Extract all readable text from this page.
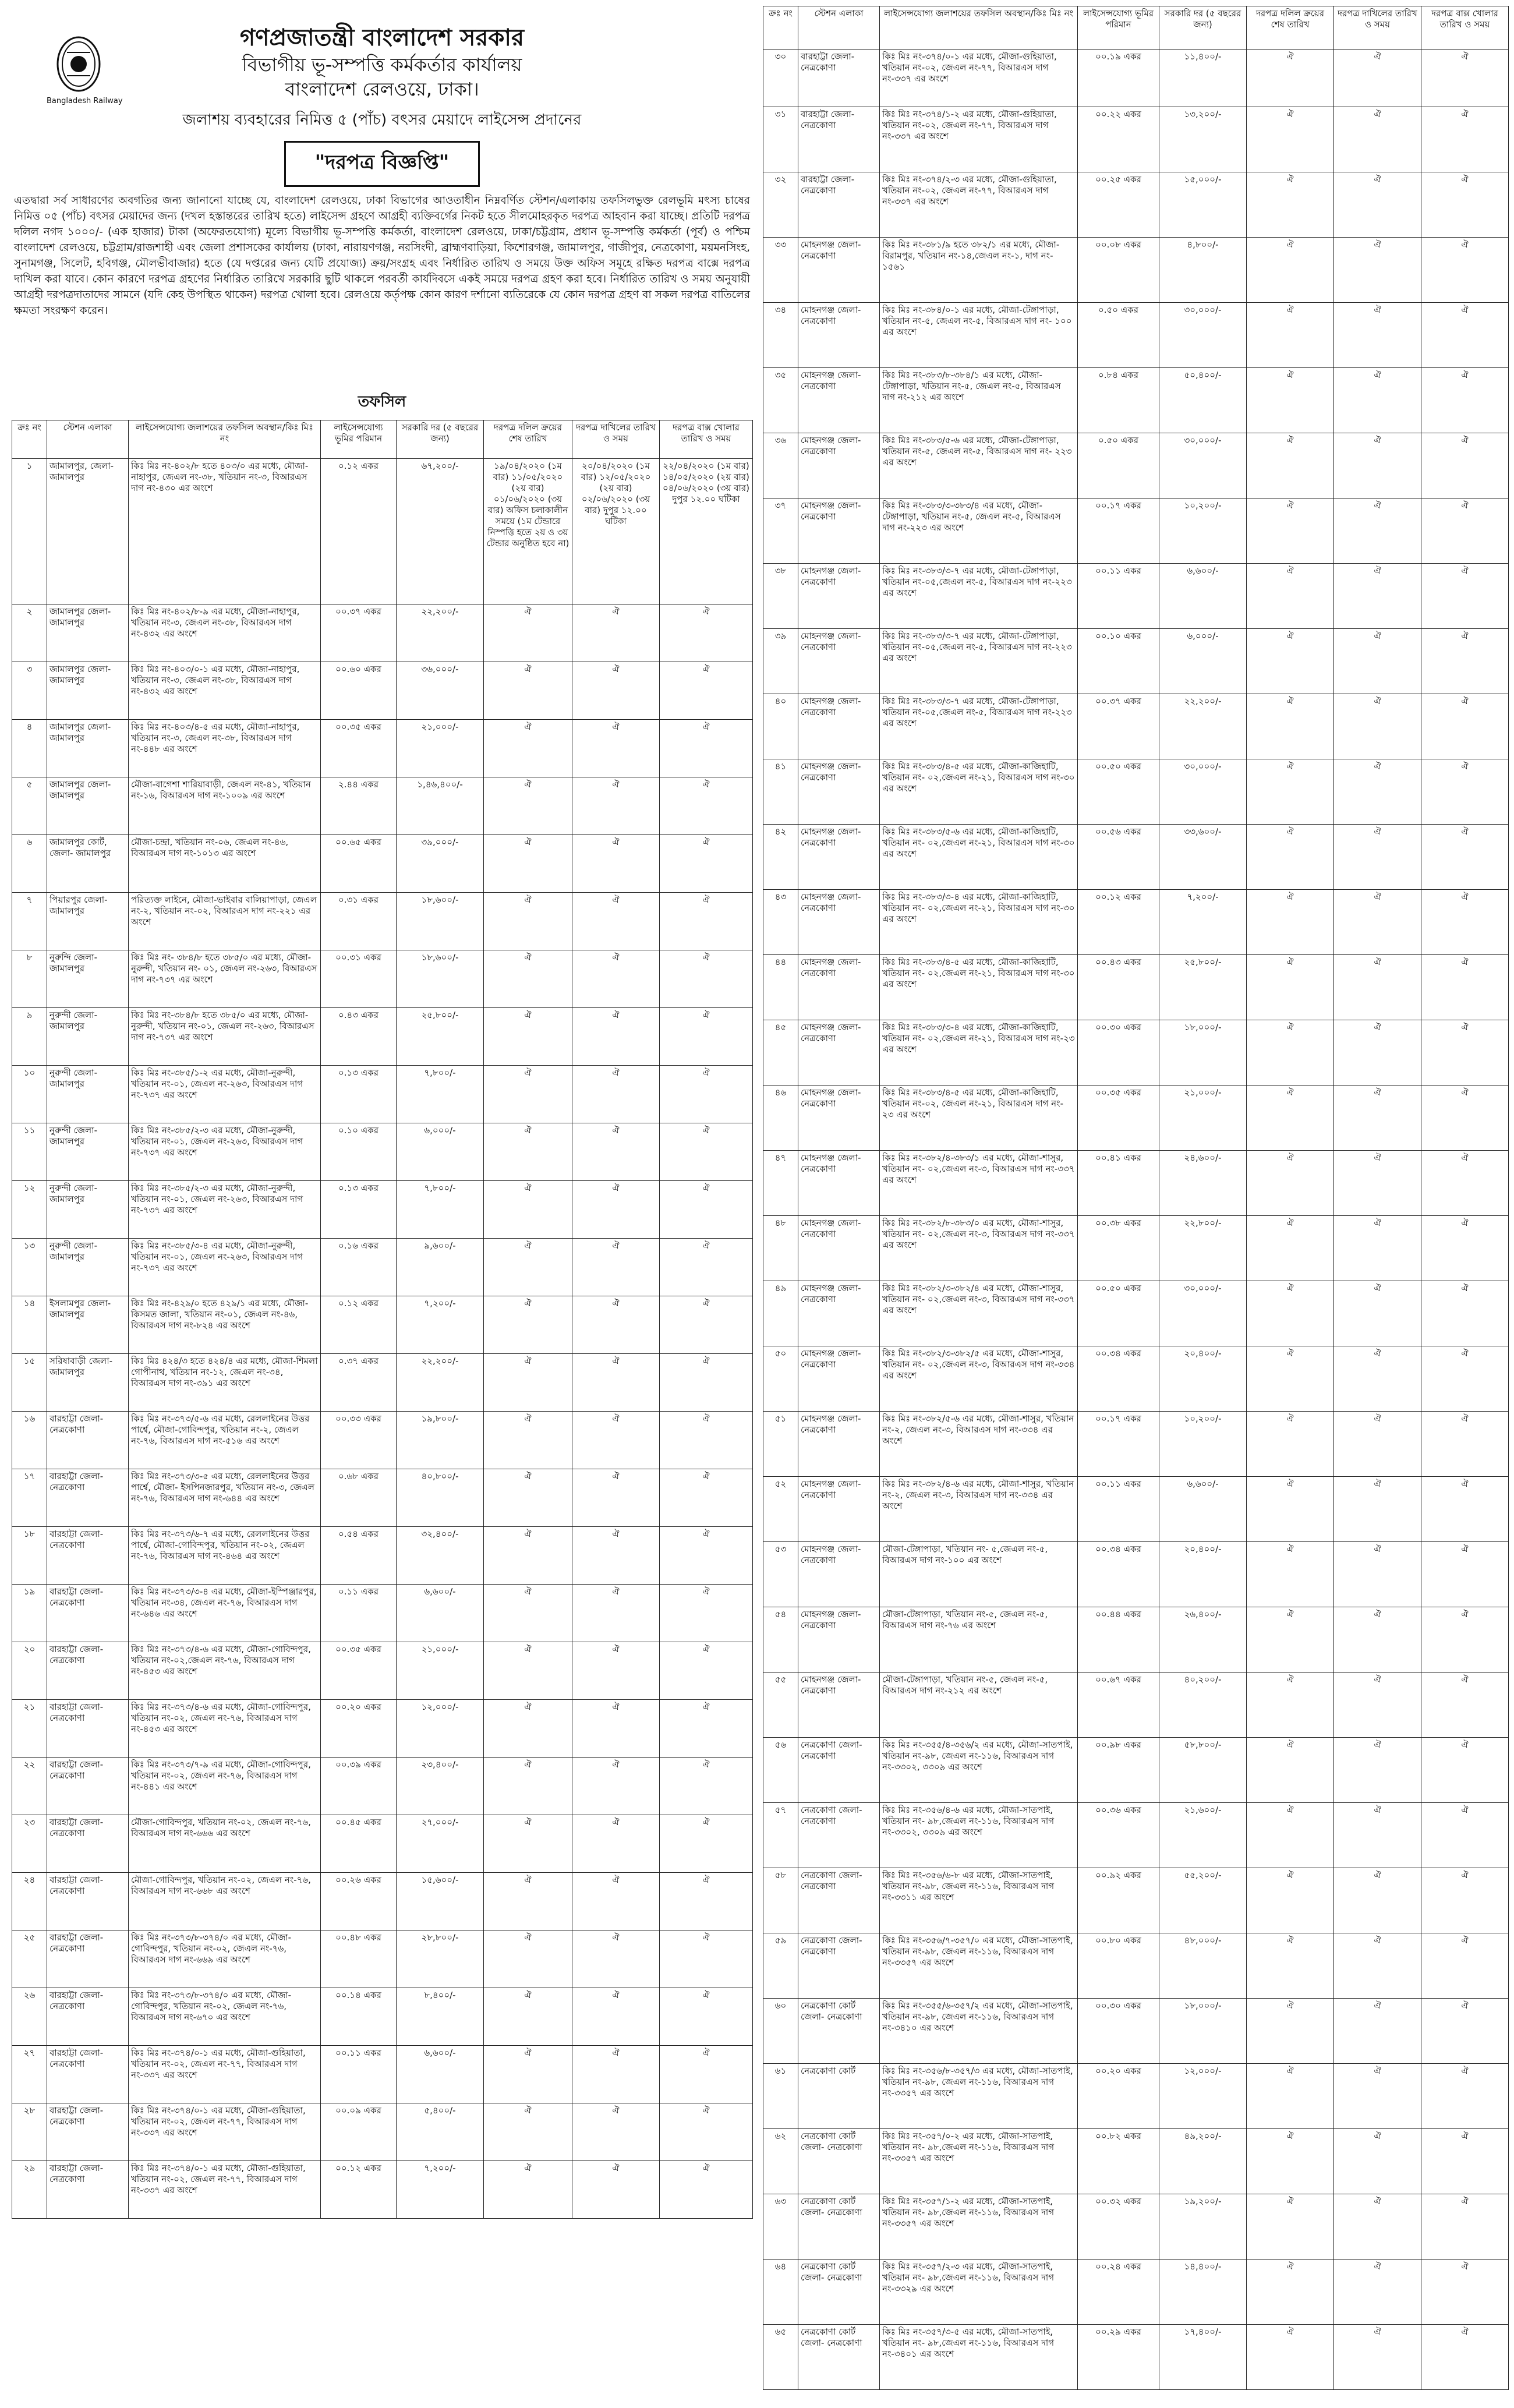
Bangladesh Railway
গণপ্রজাতন্ত্রী বাংলাদেশ সরকার
বিভাগীয় ভূ-সম্পত্তি কর্মকর্তার কার্যালয়
বাংলাদেশ রেলওয়ে, ঢাকা।
জলাশয় ব্যবহারের নিমিত্ত ৫ (পাঁচ) বৎসর মেয়াদে লাইসেন্স প্রদানের
"দরপত্র বিজ্ঞপ্তি"
এতদ্বারা সর্ব সাধারণের অবগতির জন্য জানানো যাচ্ছে যে, বাংলাদেশ রেলওয়ে, ঢাকা বিভাগের আওতাধীন নিম্নবর্ণিত স্টেশন/এলাকায় তফসিলভুক্ত রেলভূমি মৎস্য চাষের নিমিত্ত ০৫ (পাঁচ) বৎসর মেয়াদের জন্য (দখল হস্তান্তরের তারিখ হতে) লাইসেন্স গ্রহণে আগ্রহী ব্যক্তিবর্গের নিকট হতে সীলমোহরকৃত দরপত্র আহবান করা যাচ্ছে। প্রতিটি দরপত্র দলিল নগদ ১০০০/- (এক হাজার) টাকা (অফেরতযোগ্য) মূল্যে বিভাগীয় ভূ-সম্পত্তি কর্মকর্তা, বাংলাদেশ রেলওয়ে, ঢাকা/চট্টগ্রাম, প্রধান ভূ-সম্পত্তি কর্মকর্তা (পূর্ব) ও পশ্চিম বাংলাদেশ রেলওয়ে, চট্টগ্রাম/রাজশাহী এবং জেলা প্রশাসকের কার্যালয় (ঢাকা, নারায়ণগঞ্জ, নরসিংদী, ব্রাহ্মণবাড়িয়া, কিশোরগঞ্জ, জামালপুর, গাজীপুর, নেত্রকোণা, ময়মনসিংহ, সুনামগঞ্জ, সিলেট, হবিগঞ্জ, মৌলভীবাজার) হতে (যে দপ্তরের জন্য যেটি প্রযোজ্য) ক্রয়/সংগ্রহ এবং নির্ধারিত তারিখ ও সময়ে উক্ত অফিস সমূহে রক্ষিত দরপত্র বাক্সে দরপত্র দাখিল করা যাবে। কোন কারণে দরপত্র গ্রহণের নির্ধারিত তারিখে সরকারি ছুটি থাকলে পরবর্তী কার্যদিবসে একই সময়ে দরপত্র গ্রহণ করা হবে। নির্ধারিত তারিখ ও সময় অনুযায়ী আগ্রহী দরপত্রদাতাদের সামনে (যদি কেহ উপস্থিত থাকেন) দরপত্র খোলা হবে। রেলওয়ে কর্তৃপক্ষ কোন কারণ দর্শানো ব্যতিরেকে যে কোন দরপত্র গ্রহণ বা সকল দরপত্র বাতিলের ক্ষমতা সংরক্ষণ করেন।
তফসিল
ক্রঃ নং	স্টেশন এলাকা	লাইসেন্সযোগ্য জলাশয়ের তফসিল অবস্থান/কিঃ মিঃ নং	লাইসেন্সযোগ্য ভূমির পরিমান	সরকারি দর (৫ বছরের জন্য)	দরপত্র দলিল ক্রয়ের শেষ তারিখ	দরপত্র দাখিলের তারিখ ও সময়	দরপত্র বাক্স খোলার তারিখ ও সময়
১	জামালপুর, জেলা- জামালপুর	কিঃ মিঃ নং-৪০২/৮ হতে ৪০৩/০ এর মধ্যে, মৌজা-নাহাপুর, জেএল নং-৩৮, খতিয়ান নং-৩, বিআরএস দাগ নং-৪৩০ এর অংশে	০.১২ একর	৬৭,২০০/-	১৯/০৪/২০২০ (১ম বার) ১১/০৫/২০২০ (২য় বার) ০১/০৬/২০২০ (৩য় বার) অফিস চলাকালীন সময়ে (১ম টেন্ডারে নিস্পত্তি হতে ২য় ও ৩য় টেন্ডার অনুষ্ঠিত হবে না)	২০/০৪/২০২০ (১ম বার) ১২/০৫/২০২০ (২য় বার) ০২/০৬/২০২০ (৩য় বার) দুপুর ১২.০০ ঘটিকা	২২/০৪/২০২০ (১ম বার) ১৪/০৫/২০২০ (২য় বার) ০৪/০৬/২০২০ (৩য় বার) দুপুর ১২.০০ ঘটিকা
২	জামালপুর জেলা- জামালপুর	কিঃ মিঃ নং-৪০২/৮-৯ এর মধ্যে, মৌজা-নাহাপুর, খতিয়ান নং-৩, জেএল নং-৩৮, বিআরএস দাগ নং-৪৩২ এর অংশে	০০.৩৭ একর	২২,২০০/-	ঐ	ঐ	ঐ
৩	জামালপুর জেলা- জামালপুর	কিঃ মিঃ নং-৪০৩/০-১ এর মধ্যে, মৌজা-নাহাপুর, খতিয়ান নং-৩, জেএল নং-৩৮, বিআরএস দাগ নং-৪৩২ এর অংশে	০০.৬০ একর	৩৬,০০০/-	ঐ	ঐ	ঐ
৪	জামালপুর জেলা- জামালপুর	কিঃ মিঃ নং-৪০৩/৪-৫ এর মধ্যে, মৌজা-নাহাপুর, খতিয়ান নং-৩, জেএল নং-৩৮, বিআরএস দাগ নং-৪৪৮ এর অংশে	০০.৩৫ একর	২১,০০০/-	ঐ	ঐ	ঐ
৫	জামালপুর জেলা- জামালপুর	মৌজা-বাগেশা শারিয়াবাড়ী, জেএল নং-৪১, খতিয়ান নং-১৬, বিআরএস দাগ নং-১০০৯ এর অংশে	২.৪৪ একর	১,৪৬,৪০০/-	ঐ	ঐ	ঐ
৬	জামালপুর কোর্ট, জেলা- জামালপুর	মৌজা-চন্দ্রা, খতিয়ান নং-০৬, জেএল নং-৪৬, বিআরএস দাগ নং-১০১৩ এর অংশে	০০.৬৫ একর	৩৯,০০০/-	ঐ	ঐ	ঐ
৭	পিয়ারপুর জেলা- জামালপুর	পরিত্যক্ত লাইনে, মৌজা-ভাইবার বালিয়াপাড়া, জেএল নং-২, খতিয়ান নং-০২, বিআরএস দাগ নং-২২১ এর অংশে	০.৩১ একর	১৮,৬০০/-	ঐ	ঐ	ঐ
৮	নুরুন্দি জেলা- জামালপুর	কিঃ মিঃ নং- ৩৮৪/৮ হতে ৩৮৫/০ এর মধ্যে, মৌজা-নুরুন্দী, খতিয়ান নং- ০১, জেএল নং-২৬৩, বিআরএস দাগ নং-৭৩৭ এর অংশে	০০.৩১ একর	১৮,৬০০/-	ঐ	ঐ	ঐ
৯	নুরুন্দী জেলা- জামালপুর	কিঃ মিঃ নং-৩৮৪/৮ হতে ৩৮৫/০ এর মধ্যে, মৌজা-নুরুন্দী, খতিয়ান নং-০১, জেএল নং-২৬৩, বিআরএস দাগ নং-৭৩৭ এর অংশে	০.৪৩ একর	২৫,৮০০/-	ঐ	ঐ	ঐ
১০	নুরুন্দী জেলা- জামালপুর	কিঃ মিঃ নং-৩৮৫/১-২ এর মধ্যে, মৌজা-নুরুন্দী, খতিয়ান নং-০১, জেএল নং-২৬৩, বিআরএস দাগ নং-৭৩৭ এর অংশে	০.১৩ একর	৭,৮০০/-	ঐ	ঐ	ঐ
১১	নুরুন্দী জেলা- জামালপুর	কিঃ মিঃ নং-৩৮৫/২-৩ এর মধ্যে, মৌজা-নুরুন্দী, খতিয়ান নং-০১, জেএল নং-২৬৩, বিআরএস দাগ নং-৭৩৭ এর অংশে	০.১০ একর	৬,০০০/-	ঐ	ঐ	ঐ
১২	নুরুন্দী জেলা- জামালপুর	কিঃ মিঃ নং-৩৮৫/২-৩ এর মধ্যে, মৌজা-নুরুন্দী, খতিয়ান নং-০১, জেএল নং-২৬৩, বিআরএস দাগ নং-৭৩৭ এর অংশে	০.১৩ একর	৭,৮০০/-	ঐ	ঐ	ঐ
১৩	নুরুন্দী জেলা- জামালপুর	কিঃ মিঃ নং-৩৮৫/৩-৪ এর মধ্যে, মৌজা-নুরুন্দী, খতিয়ান নং-০১, জেএল নং-২৬৩, বিআরএস দাগ নং-৭৩৭ এর অংশে	০.১৬ একর	৯,৬০০/-	ঐ	ঐ	ঐ
১৪	ইসলামপুর জেলা- জামালপুর	কিঃ মিঃ নং-৪২৯/০ হতে ৪২৯/১ এর মধ্যে, মৌজা-কিসমত জালা, খতিয়ান নং-০১, জেএল নং-৪৬, বিআরএস দাগ নং-৮২৪ এর অংশে	০.১২ একর	৭,২০০/-	ঐ	ঐ	ঐ
১৫	সরিষাবাড়ী জেলা- জামালপুর	কিঃ মিঃ ৪২৪/৩ হতে ৪২৪/৪ এর মধ্যে, মৌজা-শিমলা গোপীনাথ, খতিয়ান নং-১২, জেএল নং-৩৪, বিআরএস দাগ নং-৩৯১ এর অংশে	০.৩৭ একর	২২,২০০/-	ঐ	ঐ	ঐ
১৬	বারহাট্টা জেলা- নেত্রকোণা	কিঃ মিঃ নং-৩৭৩/৫-৬ এর মধ্যে, রেললাইনের উত্তর পার্শ্বে, মৌজা-গোবিন্দপুর, খতিয়ান নং-২, জেএল নং-৭৬, বিআরএস দাগ নং-৫১৬ এর অংশে	০০.৩৩ একর	১৯,৮০০/-	ঐ	ঐ	ঐ
১৭	বারহাট্টা জেলা- নেত্রকোণা	কিঃ মিঃ নং-৩৭৩/৩-৫ এর মধ্যে, রেললাইনের উত্তর পার্শ্বে, মৌজা- ইসপিনজারপুর, খতিয়ান নং-৩, জেএল নং-৭৬, বিআরএস দাগ নং-৬৪৪ এর অংশে	০.৬৮ একর	৪০,৮০০/-	ঐ	ঐ	ঐ
১৮	বারহাট্টা জেলা- নেত্রকোণা	কিঃ মিঃ নং-৩৭৩/৬-৭ এর মধ্যে, রেললাইনের উত্তর পার্শ্বে, মৌজা-গোবিন্দপুর, খতিয়ান নং-০২, জেএল নং-৭৬, বিআরএস দাগ নং-৪৬৪ এর অংশে	০.৫৪ একর	৩২,৪০০/-	ঐ	ঐ	ঐ
১৯	বারহাট্টা জেলা- নেত্রকোণা	কিঃ মিঃ নং-৩৭৩/৩-৪ এর মধ্যে, মৌজা-ইস্পিঞ্জারপুর, খতিয়ান নং-৩৪, জেএল নং-৭৬, বিআরএস দাগ নং-৬৪৬ এর অংশে	০.১১ একর	৬,৬০০/-	ঐ	ঐ	ঐ
২০	বারহাট্টা জেলা- নেত্রকোণা	কিঃ মিঃ নং-৩৭৩/৪-৬ এর মধ্যে, মৌজা-গোবিন্দপুর, খতিয়ান নং-০২,জেএল নং-৭৬, বিআরএস দাগ নং-৪৫৩ এর অংশে	০০.৩৫ একর	২১,০০০/-	ঐ	ঐ	ঐ
২১	বারহাট্টা জেলা- নেত্রকোণা	কিঃ মিঃ নং-৩৭৩/৪-৬ এর মধ্যে, মৌজা-গোবিন্দপুর, খতিয়ান নং-০২, জেএল নং-৭৬, বিআরএস দাগ নং-৪৫৩ এর অংশে	০০.২০ একর	১২,০০০/-	ঐ	ঐ	ঐ
২২	বারহাট্টা জেলা- নেত্রকোণা	কিঃ মিঃ নং-৩৭৩/৭-৯ এর মধ্যে, মৌজা-গোবিন্দপুর, খতিয়ান নং-০২, জেএল নং-৭৬, বিআরএস দাগ নং-৪৪১ এর অংশে	০০.৩৯ একর	২৩,৪০০/-	ঐ	ঐ	ঐ
২৩	বারহাট্টা জেলা- নেত্রকোণা	মৌজা-গোবিন্দপুর, খতিয়ান নং-০২, জেএল নং-৭৬, বিআরএস দাগ নং-৬৬৬ এর অংশে	০০.৪৫ একর	২৭,০০০/-	ঐ	ঐ	ঐ
২৪	বারহাট্টা জেলা- নেত্রকোণা	মৌজা-গোবিন্দপুর, খতিয়ান নং-০২, জেএল নং-৭৬, বিআরএস দাগ নং-৬৬৮ এর অংশে	০০.২৬ একর	১৫,৬০০/-	ঐ	ঐ	ঐ
২৫	বারহাট্টা জেলা- নেত্রকোণা	কিঃ মিঃ নং-৩৭৩/৮-৩৭৪/০ এর মধ্যে, মৌজা-গোবিন্দপুর, খতিয়ান নং-০২, জেএল নং-৭৬, বিআরএস দাগ নং-৬৬৯ এর অংশে	০০.৪৮ একর	২৮,৮০০/-	ঐ	ঐ	ঐ
২৬	বারহাট্টা জেলা- নেত্রকোণা	কিঃ মিঃ নং-৩৭৩/৮-৩৭৪/০ এর মধ্যে, মৌজা-গোবিন্দপুর, খতিয়ান নং-০২, জেএল নং-৭৬, বিআরএস দাগ নং-৬৭০ এর অংশে	০০.১৪ একর	৮,৪০০/-	ঐ	ঐ	ঐ
২৭	বারহাট্টা জেলা- নেত্রকোণা	কিঃ মিঃ নং-৩৭৪/০-১ এর মধ্যে, মৌজা-গুহিয়াতা, খতিয়ান নং-০২, জেএল নং-৭৭, বিআরএস দাগ নং-৩৩৭ এর অংশে	০০.১১ একর	৬,৬০০/-	ঐ	ঐ	ঐ
২৮	বারহাট্টা জেলা- নেত্রকোণা	কিঃ মিঃ নং-৩৭৪/০-১ এর মধ্যে, মৌজা-গুহিয়াতা, খতিয়ান নং-০২, জেএল নং-৭৭, বিআরএস দাগ নং-৩৩৭ এর অংশে	০০.০৯ একর	৫,৪০০/-	ঐ	ঐ	ঐ
২৯	বারহাট্টা জেলা- নেত্রকোণা	কিঃ মিঃ নং-৩৭৪/০-১ এর মধ্যে, মৌজা-গুহিয়াতা, খতিয়ান নং-০২, জেএল নং-৭৭, বিআরএস দাগ নং-৩৩৭ এর অংশে	০০.১২ একর	৭,২০০/-	ঐ	ঐ	ঐ
ক্রঃ নং	স্টেশন এলাকা	লাইসেন্সযোগ্য জলাশয়ের তফসিল অবস্থান/কিঃ মিঃ নং	লাইসেন্সযোগ্য ভূমির পরিমান	সরকারি দর (৫ বছরের জন্য)	দরপত্র দলিল ক্রয়ের শেষ তারিখ	দরপত্র দাখিলের তারিখ ও সময়	দরপত্র বাক্স খোলার তারিখ ও সময়
৩০	বারহাট্টা জেলা- নেত্রকোণা	কিঃ মিঃ নং-৩৭৪/০-১ এর মধ্যে, মৌজা-গুহিয়াতা, খতিয়ান নং-০২, জেএল নং-৭৭, বিআরএস দাগ নং-৩৩৭ এর অংশে	০০.১৯ একর	১১,৪০০/-	ঐ	ঐ	ঐ
৩১	বারহাট্টা জেলা- নেত্রকোণা	কিঃ মিঃ নং-৩৭৪/১-২ এর মধ্যে, মৌজা-গুহিয়াতা, খতিয়ান নং-০২, জেএল নং-৭৭, বিআরএস দাগ নং-৩৩৭ এর অংশে	০০.২২ একর	১৩,২০০/-	ঐ	ঐ	ঐ
৩২	বারহাট্টা জেলা- নেত্রকোণা	কিঃ মিঃ নং-৩৭৪/২-৩ এর মধ্যে, মৌজা-গুহিয়াতা, খতিয়ান নং-০২, জেএল নং-৭৭, বিআরএস দাগ নং-৩৩৭ এর অংশে	০০.২৫ একর	১৫,০০০/-	ঐ	ঐ	ঐ
৩৩	মোহনগঞ্জ জেলা- নেত্রকোণা	কিঃ মিঃ নং-৩৮১/৯ হতে ৩৮২/১ এর মধ্যে, মৌজা-বিরামপুর, খতিয়ান নং-১৪,জেএল নং-১, দাগ নং- ১৫৬১	০০.০৮ একর	৪,৮০০/-	ঐ	ঐ	ঐ
৩৪	মোহনগঞ্জ জেলা- নেত্রকোণা	কিঃ মিঃ নং-৩৮৪/০-১ এর মধ্যে, মৌজা-টেঙ্গাপাড়া, খতিয়ান নং-৫, জেএল নং-৫, বিআরএস দাগ নং- ১০০ এর অংশে	০.৫০ একর	৩০,০০০/-	ঐ	ঐ	ঐ
৩৫	মোহনগঞ্জ জেলা- নেত্রকোণা	কিঃ মিঃ নং-৩৮৩/৮-৩৮৪/১ এর মধ্যে, মৌজা-টেঙ্গাপাড়া, খতিয়ান নং-৫, জেএল নং-৫, বিআরএস দাগ নং-২১২ এর অংশে	০.৮৪ একর	৫০,৪০০/-	ঐ	ঐ	ঐ
৩৬	মোহনগঞ্জ জেলা- নেত্রকোণা	কিঃ মিঃ নং-৩৮৩/৫-৬ এর মধ্যে, মৌজা-টেঙ্গাপাড়া, খতিয়ান নং-৫, জেএল নং-৫, বিআরএস দাগ নং- ২২৩ এর অংশে	০.৫০ একর	৩০,০০০/-	ঐ	ঐ	ঐ
৩৭	মোহনগঞ্জ জেলা- নেত্রকোণা	কিঃ মিঃ নং-৩৮৩/৩-৩৮৩/৪ এর মধ্যে, মৌজা-টেঙ্গাপাড়া, খতিয়ান নং-৫, জেএল নং-৫, বিআরএস দাগ নং-২২৩ এর অংশে	০০.১৭ একর	১০,২০০/-	ঐ	ঐ	ঐ
৩৮	মোহনগঞ্জ জেলা- নেত্রকোণা	কিঃ মিঃ নং-৩৮৩/৩-৭ এর মধ্যে, মৌজা-টেঙ্গাপাড়া, খতিয়ান নং-০৫,জেএল নং-৫, বিআরএস দাগ নং-২২৩ এর অংশে	০০.১১ একর	৬,৬০০/-	ঐ	ঐ	ঐ
৩৯	মোহনগঞ্জ জেলা- নেত্রকোণা	কিঃ মিঃ নং-৩৮৩/৩-৭ এর মধ্যে, মৌজা-টেঙ্গাপাড়া, খতিয়ান নং-০৫,জেএল নং-৫, বিআরএস দাগ নং-২২৩ এর অংশে	০০.১০ একর	৬,০০০/-	ঐ	ঐ	ঐ
৪০	মোহনগঞ্জ জেলা- নেত্রকোণা	কিঃ মিঃ নং-৩৮৩/৩-৭ এর মধ্যে, মৌজা-টেঙ্গাপাড়া, খতিয়ান নং-০৫,জেএল নং-৫, বিআরএস দাগ নং-২২৩ এর অংশে	০০.৩৭ একর	২২,২০০/-	ঐ	ঐ	ঐ
৪১	মোহনগঞ্জ জেলা- নেত্রকোণা	কিঃ মিঃ নং-৩৮৩/৪-৫ এর মধ্যে, মৌজা-কাজিহাটি, খতিয়ান নং- ০২,জেএল নং-২১, বিআরএস দাগ নং-৩০ এর অংশে	০০.৫০ একর	৩০,০০০/-	ঐ	ঐ	ঐ
৪২	মোহনগঞ্জ জেলা- নেত্রকোণা	কিঃ মিঃ নং-৩৮৩/৫-৬ এর মধ্যে, মৌজা-কাজিহাটি, খতিয়ান নং- ০২,জেএল নং-২১, বিআরএস দাগ নং-৩০ এর অংশে	০০.৫৬ একর	৩৩,৬০০/-	ঐ	ঐ	ঐ
৪৩	মোহনগঞ্জ জেলা- নেত্রকোণা	কিঃ মিঃ নং-৩৮৩/৩-৪ এর মধ্যে, মৌজা-কাজিহাটি, খতিয়ান নং- ০২,জেএল নং-২১, বিআরএস দাগ নং-৩০ এর অংশে	০০.১২ একর	৭,২০০/-	ঐ	ঐ	ঐ
৪৪	মোহনগঞ্জ জেলা- নেত্রকোণা	কিঃ মিঃ নং-৩৮৩/৪-৫ এর মধ্যে, মৌজা-কাজিহাটি, খতিয়ান নং- ০২,জেএল নং-২১, বিআরএস দাগ নং-৩০ এর অংশে	০০.৪৩ একর	২৫,৮০০/-	ঐ	ঐ	ঐ
৪৫	মোহনগঞ্জ জেলা- নেত্রকোণা	কিঃ মিঃ নং-৩৮৩/৩-৪ এর মধ্যে, মৌজা-কাজিহাটি, খতিয়ান নং- ০২,জেএল নং-২১, বিআরএস দাগ নং-২৩ এর অংশে	০০.৩০ একর	১৮,০০০/-	ঐ	ঐ	ঐ
৪৬	মোহনগঞ্জ জেলা- নেত্রকোণা	কিঃ মিঃ নং-৩৮৩/৪-৫ এর মধ্যে, মৌজা-কাজিহাটি, খতিয়ান নং-০২, জেএল নং-২১, বিআরএস দাগ নং- ২৩ এর অংশে	০০.৩৫ একর	২১,০০০/-	ঐ	ঐ	ঐ
৪৭	মোহনগঞ্জ জেলা- নেত্রকোণা	কিঃ মিঃ নং-৩৮২/৪-৩৮৩/১ এর মধ্যে, মৌজা-শাসুর, খতিয়ান নং- ০২,জেএল নং-৩, বিআরএস দাগ নং-৩৩৭ এর অংশে	০০.৪১ একর	২৪,৬০০/-	ঐ	ঐ	ঐ
৪৮	মোহনগঞ্জ জেলা- নেত্রকোণা	কিঃ মিঃ নং-৩৮২/৮-৩৮৩/০ এর মধ্যে, মৌজা-শাসুর, খতিয়ান নং- ০২,জেএল নং-৩, বিআরএস দাগ নং-৩৩৭ এর অংশে	০০.৩৮ একর	২২,৮০০/-	ঐ	ঐ	ঐ
৪৯	মোহনগঞ্জ জেলা- নেত্রকোণা	কিঃ মিঃ নং-৩৮২/৩-৩৮২/৪ এর মধ্যে, মৌজা-শাসুর, খতিয়ান নং- ০২,জেএল নং-৩, বিআরএস দাগ নং-৩৩৭ এর অংশে	০০.৫০ একর	৩০,০০০/-	ঐ	ঐ	ঐ
৫০	মোহনগঞ্জ জেলা- নেত্রকোণা	কিঃ মিঃ নং-৩৮২/৩-৩৮২/৫ এর মধ্যে, মৌজা-শাসুর, খতিয়ান নং- ০২,জেএল নং-৩, বিআরএস দাগ নং-৩৩৪ এর অংশে	০০.৩৪ একর	২০,৪০০/-	ঐ	ঐ	ঐ
৫১	মোহনগঞ্জ জেলা- নেত্রকোণা	কিঃ মিঃ নং-৩৮২/৫-৬ এর মধ্যে, মৌজা-শাসুর, খতিয়ান নং-২, জেএল নং-৩, বিআরএস দাগ নং-৩৩৪ এর অংশে	০০.১৭ একর	১০,২০০/-	ঐ	ঐ	ঐ
৫২	মোহনগঞ্জ জেলা- নেত্রকোণা	কিঃ মিঃ নং-৩৮২/৪-৬ এর মধ্যে, মৌজা-শাসুর, খতিয়ান নং-২, জেএল নং-৩, বিআরএস দাগ নং-৩৩৪ এর অংশে	০০.১১ একর	৬,৬০০/-	ঐ	ঐ	ঐ
৫৩	মোহনগঞ্জ জেলা- নেত্রকোণা	মৌজা-টেঙ্গাপাড়া, খতিয়ান নং- ৫,জেএল নং-৫, বিআরএস দাগ নং-১০০ এর অংশে	০০.৩৪ একর	২০,৪০০/-	ঐ	ঐ	ঐ
৫৪	মোহনগঞ্জ জেলা- নেত্রকোণা	মৌজা-টেঙ্গাপাড়া, খতিয়ান নং-৫, জেএল নং-৫, বিআরএস দাগ নং-৭৬ এর অংশে	০০.৪৪ একর	২৬,৪০০/-	ঐ	ঐ	ঐ
৫৫	মোহনগঞ্জ জেলা- নেত্রকোণা	মৌজা-টেঙ্গাপাড়া, খতিয়ান নং-৫, জেএল নং-৫, বিআরএস দাগ নং-২১২ এর অংশে	০০.৬৭ একর	৪০,২০০/-	ঐ	ঐ	ঐ
৫৬	নেত্রকোণা জেলা- নেত্রকোণা	কিঃ মিঃ নং-৩৫৫/৪-৩৫৬/২ এর মধ্যে, মৌজা-সাতপাই, খতিয়ান নং-৯৮, জেএল নং-১১৬, বিআরএস দাগ নং-৩৩০২, ৩৩০৯ এর অংশে	০০.৯৮ একর	৫৮,৮০০/-	ঐ	ঐ	ঐ
৫৭	নেত্রকোণা জেলা- নেত্রকোণা	কিঃ মিঃ নং-৩৫৬/৪-৬ এর মধ্যে, মৌজা-সাতপাই, খতিয়ান নং- ৯৮,জেএল নং-১১৬, বিআরএস দাগ নং-৩৩০২, ৩৩০৯ এর অংশে	০০.৩৬ একর	২১,৬০০/-	ঐ	ঐ	ঐ
৫৮	নেত্রকোণা জেলা- নেত্রকোণা	কিঃ মিঃ নং-৩৫৬/৬-৮ এর মধ্যে, মৌজা-সাতপাই, খতিয়ান নং-৯৮, জেএল নং-১১৬, বিআরএস দাগ নং-৩৩১১ এর অংশে	০০.৯২ একর	৫৫,২০০/-	ঐ	ঐ	ঐ
৫৯	নেত্রকোণা জেলা- নেত্রকোণা	কিঃ মিঃ নং-৩৫৬/৭-৩৫৭/০ এর মধ্যে, মৌজা-সাতপাই, খতিয়ান নং-৯৮, জেএল নং-১১৬, বিআরএস দাগ নং-৩৩৫৭ এর অংশে	০০.৮০ একর	৪৮,০০০/-	ঐ	ঐ	ঐ
৬০	নেত্রকোণা কোর্ট জেলা- নেত্রকোণা	কিঃ মিঃ নং-৩৫৫/৬-৩৫৭/২ এর মধ্যে, মৌজা-সাতপাই, খতিয়ান নং-৯৮, জেএল নং-১১৬, বিআরএস দাগ নং-৩৪১০ এর অংশে	০০.৩০ একর	১৮,০০০/-	ঐ	ঐ	ঐ
৬১	নেত্রকোণা কোর্ট	কিঃ মিঃ নং-৩৫৬/৮-৩৫৭/৩ এর মধ্যে, মৌজা-সাতপাই, খতিয়ান নং-৯৮, জেএল নং-১১৬, বিআরএস দাগ নং-৩৩৫৭ এর অংশে	০০.২০ একর	১২,০০০/-	ঐ	ঐ	ঐ
৬২	নেত্রকোণা কোর্ট জেলা- নেত্রকোণা	কিঃ মিঃ নং-৩৫৭/০-২ এর মধ্যে, মৌজা-সাতপাই, খতিয়ান নং- ৯৮,জেএল নং-১১৬, বিআরএস দাগ নং-৩৩৫৭ এর অংশে	০০.৮২ একর	৪৯,২০০/-	ঐ	ঐ	ঐ
৬৩	নেত্রকোণা কোর্ট জেলা- নেত্রকোণা	কিঃ মিঃ নং-৩৫৭/১-২ এর মধ্যে, মৌজা-সাতপাই, খতিয়ান নং- ৯৮,জেএল নং-১১৬, বিআরএস দাগ নং-৩৩৫৭ এর অংশে	০০.৩২ একর	১৯,২০০/-	ঐ	ঐ	ঐ
৬৪	নেত্রকোণা কোর্ট জেলা- নেত্রকোণা	কিঃ মিঃ নং-৩৫৭/২-৩ এর মধ্যে, মৌজা-সাতপাই, খতিয়ান নং- ৯৮,জেএল নং-১১৬, বিআরএস দাগ নং-৩৩২৯ এর অংশে	০০.২৪ একর	১৪,৪০০/-	ঐ	ঐ	ঐ
৬৫	নেত্রকোণা কোর্ট জেলা- নেত্রকোণা	কিঃ মিঃ নং-৩৫৭/৩-৫ এর মধ্যে, মৌজা-সাতপাই, খতিয়ান নং- ৯৮,জেএল নং-১১৬, বিআরএস দাগ নং-৩৪০১ এর অংশে	০০.২৯ একর	১৭,৪০০/-	ঐ	ঐ	ঐ
